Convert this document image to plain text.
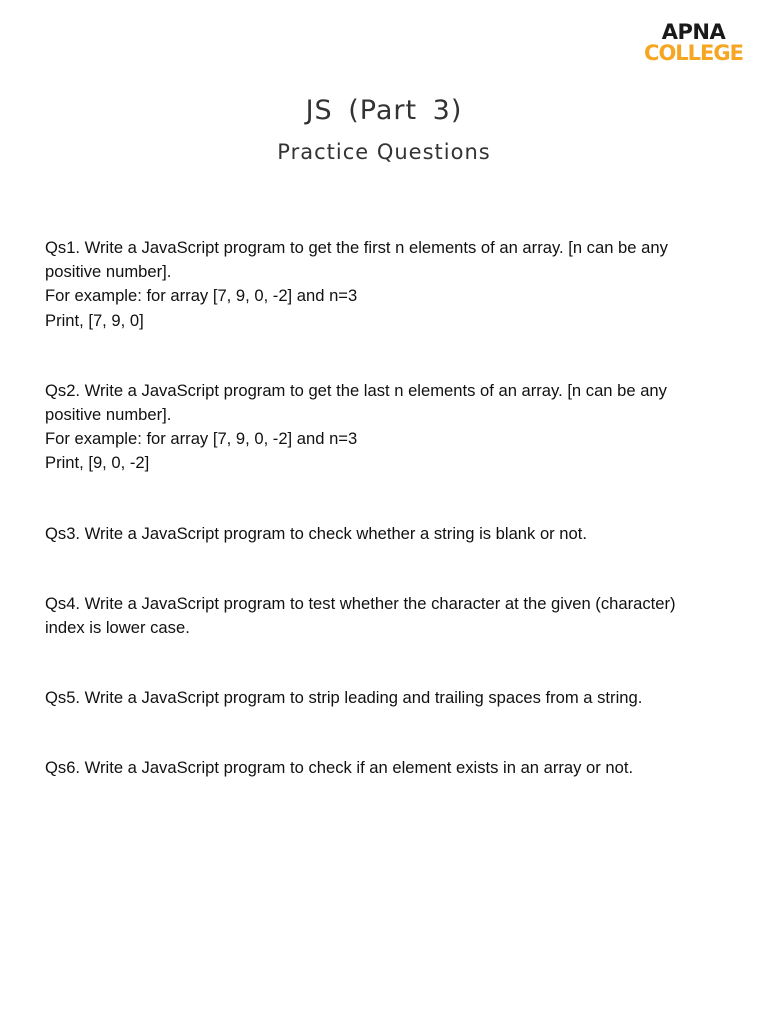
APNA
COLLEGE
JS (Part 3)
Practice Questions
Qs1. Write a JavaScript program to get the first n elements of an array. [n can be any
positive number].
For example: for array [7, 9, 0, -2] and n=3
Print, [7, 9, 0]
Qs2. Write a JavaScript program to get the last n elements of an array. [n can be any
positive number].
For example: for array [7, 9, 0, -2] and n=3
Print, [9, 0, -2]
Qs3. Write a JavaScript program to check whether a string is blank or not.
Qs4. Write a JavaScript program to test whether the character at the given (character)
index is lower case.
Qs5. Write a JavaScript program to strip leading and trailing spaces from a string.
Qs6. Write a JavaScript program to check if an element exists in an array or not.
